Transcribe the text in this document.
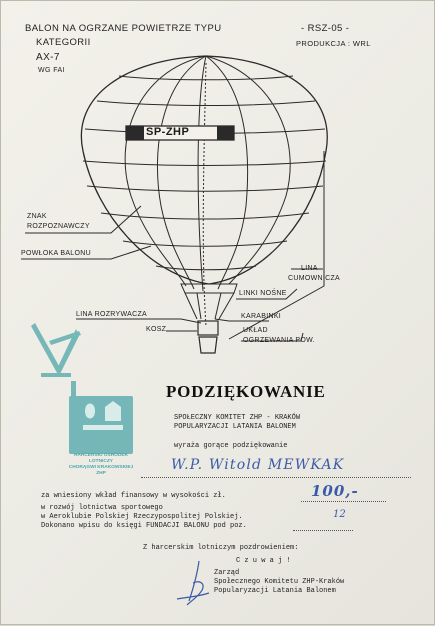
BALON NA OGRZANE POWIETRZE TYPU	- RSZ-05 -
KATEGORII	PRODUKCJA : WRL
AX-7
WG FAI
SP-ZHP
ZNAK
ROZPOZNAWCZY
POWŁOKA BALONU
LINA
CUMOWNICZA
LINKI NOŚNE
LINA ROZRYWACZA	KARABINKI
KOSZ	UKŁAD
OGRZEWANIA POW.
HARCERSKI OŚRODEK
LOTNICZY
CHORĄGWI KRAKOWSKIEJ
ZHP
PODZIĘKOWANIE
SPOŁECZNY KOMITET ZHP - KRAKÓW
POPULARYZACJI LATANIA BALONEM
wyraża gorące podziękowanie
W.P. Witold MEWKAK
za wniesiony wkład finansowy w wysokości zł.	100,-
w rozwój lotnictwa sportowego
w Aeroklubie Polskiej Rzeczypospolitej Polskiej.
Dokonano wpisu do księgi FUNDACJI BALONU pod poz.
12
Z harcerskim lotniczym pozdrowieniem:
C z u w a j !
Zarząd
Społecznego Komitetu ZHP-Kraków
Popularyzacji Latania Balonem
